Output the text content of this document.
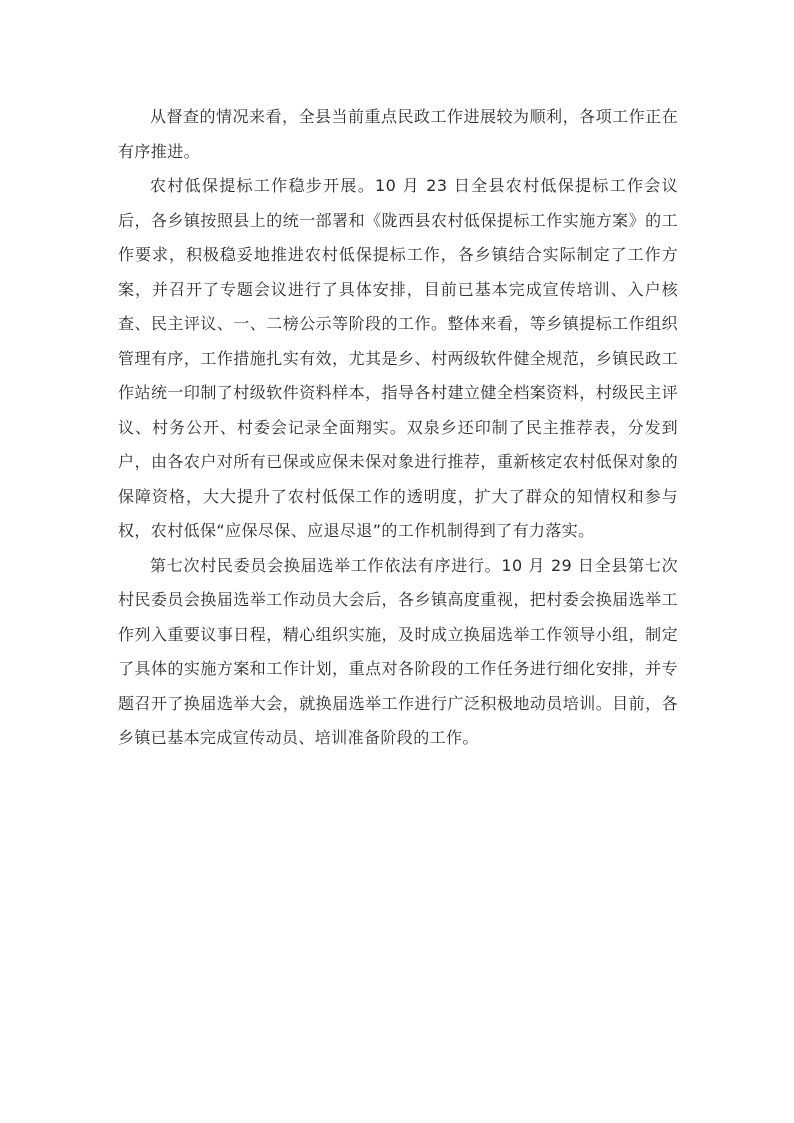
从督查的情况来看，全县当前重点民政工作进展较为顺利，各项工作正在有序推进。

农村低保提标工作稳步开展。10 月 23 日全县农村低保提标工作会议后，各乡镇按照县上的统一部署和《陇西县农村低保提标工作实施方案》的工作要求，积极稳妥地推进农村低保提标工作，各乡镇结合实际制定了工作方案，并召开了专题会议进行了具体安排，目前已基本完成宣传培训、入户核查、民主评议、一、二榜公示等阶段的工作。整体来看，等乡镇提标工作组织管理有序，工作措施扎实有效，尤其是乡、村两级软件健全规范，乡镇民政工作站统一印制了村级软件资料样本，指导各村建立健全档案资料，村级民主评议、村务公开、村委会记录全面翔实。双泉乡还印制了民主推荐表，分发到户，由各农户对所有已保或应保未保对象进行推荐，重新核定农村低保对象的保障资格，大大提升了农村低保工作的透明度，扩大了群众的知情权和参与权，农村低保“应保尽保、应退尽退”的工作机制得到了有力落实。

第七次村民委员会换届选举工作依法有序进行。10 月 29 日全县第七次村民委员会换届选举工作动员大会后，各乡镇高度重视，把村委会换届选举工作列入重要议事日程，精心组织实施，及时成立换届选举工作领导小组，制定了具体的实施方案和工作计划，重点对各阶段的工作任务进行细化安排，并专题召开了换届选举大会，就换届选举工作进行广泛积极地动员培训。目前，各乡镇已基本完成宣传动员、培训准备阶段的工作。
